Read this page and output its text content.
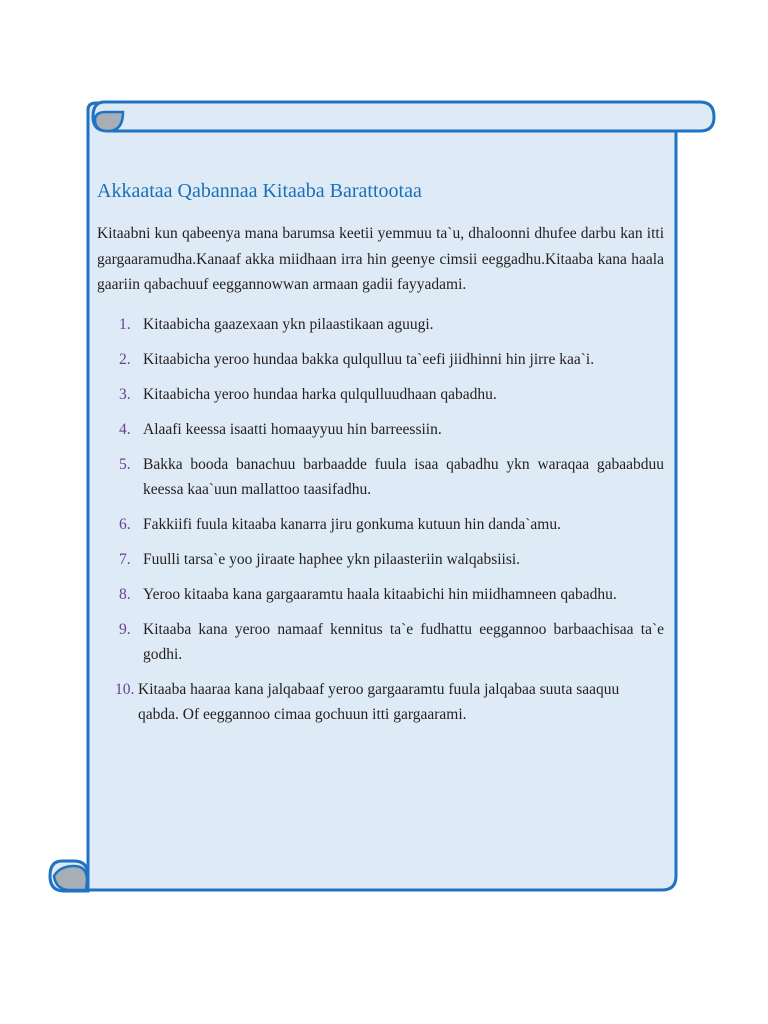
Akkaataa Qabannaa Kitaaba Barattootaa

Kitaabni kun qabeenya mana barumsa keetii yemmuu ta`u, dhaloonni dhufee darbu kan itti gargaaramudha.Kanaaf akka miidhaan irra hin geenye cimsii eeggadhu.Kitaaba kana haala gaariin qabachuuf eeggannowwan armaan gadii fayyadami.

1. Kitaabicha gaazexaan ykn pilaastikaan aguugi.
2. Kitaabicha yeroo hundaa bakka qulqulluu ta`eefi jiidhinni hin jirre kaa`i.
3. Kitaabicha yeroo hundaa harka qulqulluudhaan qabadhu.
4. Alaafi keessa isaatti homaayyuu hin barreessiin.
5. Bakka booda banachuu barbaadde fuula isaa qabadhu ykn waraqaa gabaabduu keessa kaa`uun mallattoo taasifadhu.
6. Fakkiifi fuula kitaaba kanarra jiru gonkuma kutuun hin danda`amu.
7. Fuulli tarsa`e yoo jiraate haphee ykn pilaasteriin walqabsiisi.
8. Yeroo kitaaba kana gargaaramtu haala kitaabichi hin miidhamneen qabadhu.
9. Kitaaba kana yeroo namaaf kennitus ta`e fudhattu eeggannoo barbaachisaa ta`e godhi.
10. Kitaaba haaraa kana jalqabaaf yeroo gargaaramtu fuula jalqabaa suuta saaquu qabda. Of eeggannoo cimaa gochuun itti gargaarami.
